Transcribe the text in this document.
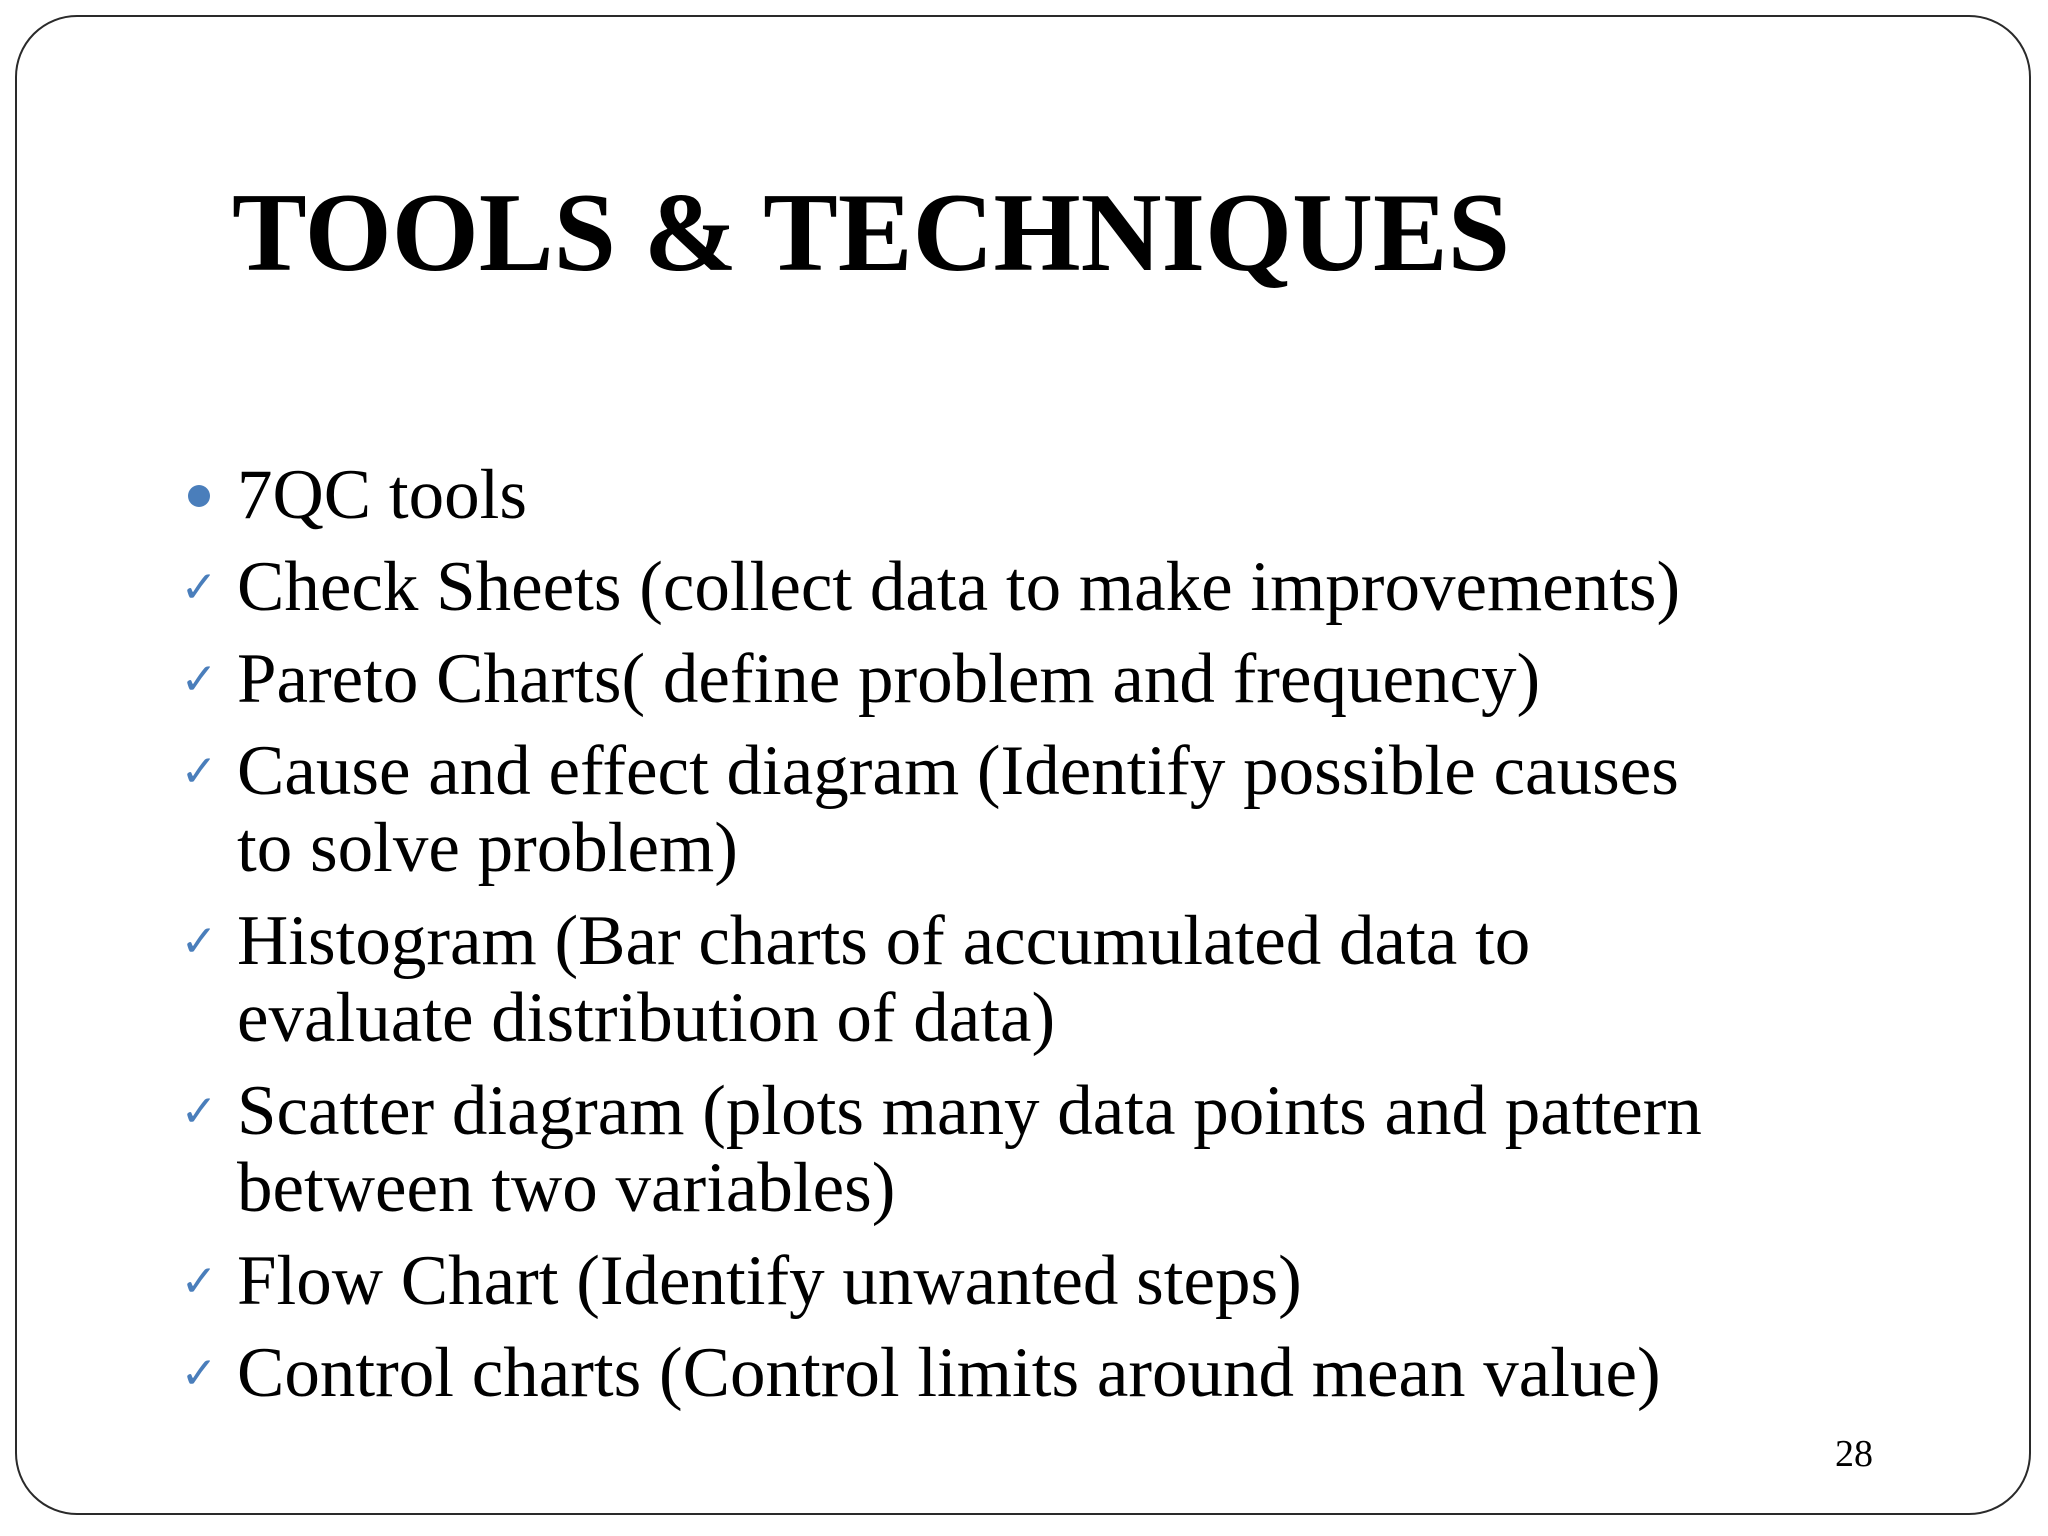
TOOLS & TECHNIQUES
7QC tools
✓ Check Sheets (collect data to make improvements)
✓ Pareto Charts( define problem and frequency)
✓ Cause and effect diagram (Identify possible causes
to solve problem)
✓ Histogram (Bar charts of accumulated data to
evaluate distribution of data)
✓ Scatter diagram (plots many data points and pattern
between two variables)
✓ Flow Chart (Identify unwanted steps)
✓ Control charts (Control limits around mean value)
28
